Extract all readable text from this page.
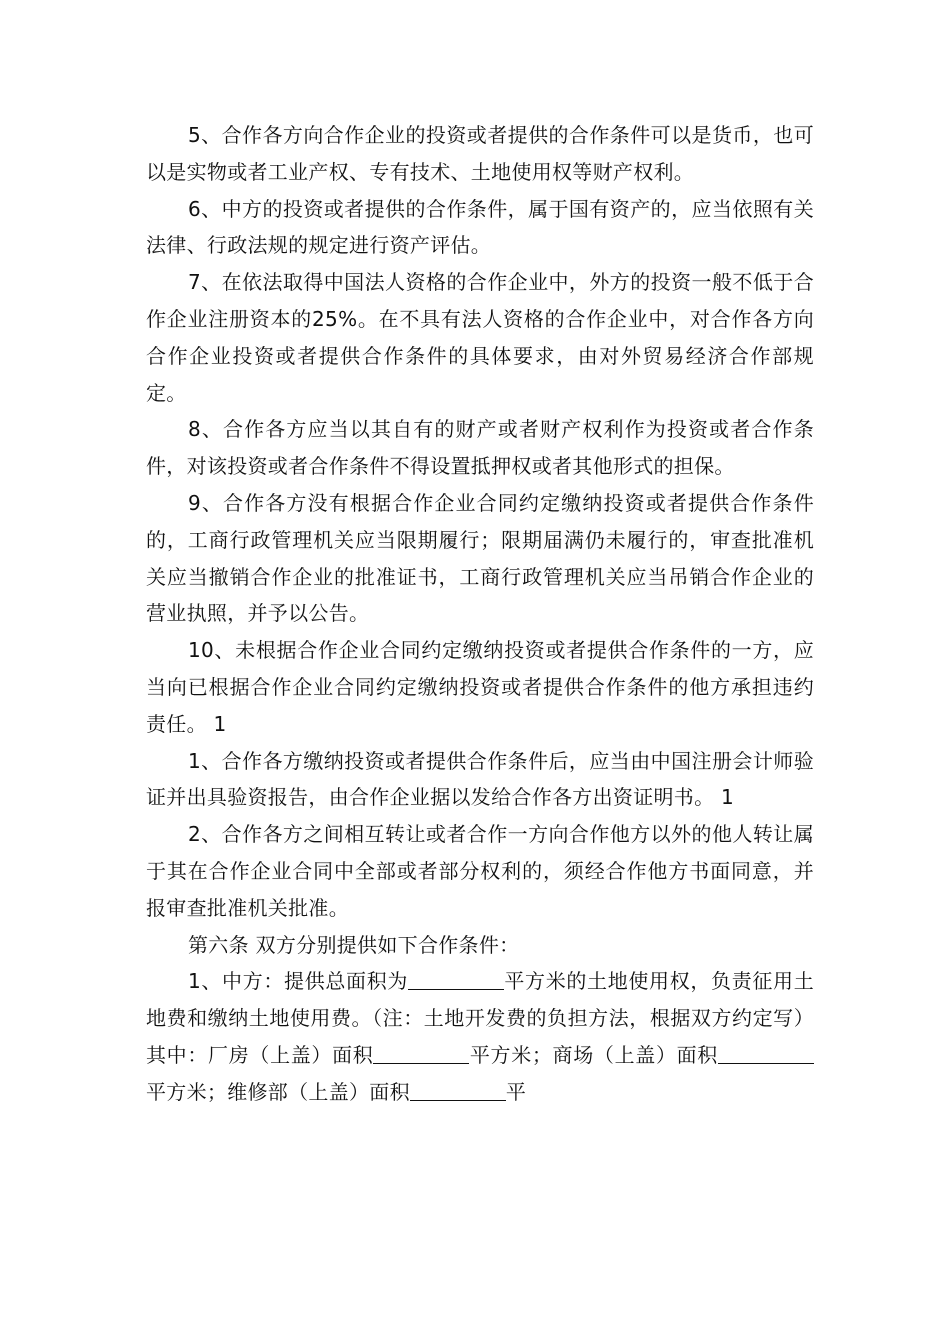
5、合作各方向合作企业的投资或者提供的合作条件可以是货币，也可以是实物或者工业产权、专有技术、土地使用权等财产权利。

6、中方的投资或者提供的合作条件，属于国有资产的，应当依照有关法律、行政法规的规定进行资产评估。

7、在依法取得中国法人资格的合作企业中，外方的投资一般不低于合作企业注册资本的25%。在不具有法人资格的合作企业中，对合作各方向合作企业投资或者提供合作条件的具体要求，由对外贸易经济合作部规定。

8、合作各方应当以其自有的财产或者财产权利作为投资或者合作条件，对该投资或者合作条件不得设置抵押权或者其他形式的担保。

9、合作各方没有根据合作企业合同约定缴纳投资或者提供合作条件的，工商行政管理机关应当限期履行；限期届满仍未履行的，审查批准机关应当撤销合作企业的批准证书，工商行政管理机关应当吊销合作企业的营业执照，并予以公告。

10、未根据合作企业合同约定缴纳投资或者提供合作条件的一方，应当向已根据合作企业合同约定缴纳投资或者提供合作条件的他方承担违约责任。 1

1、合作各方缴纳投资或者提供合作条件后，应当由中国注册会计师验证并出具验资报告，由合作企业据以发给合作各方出资证明书。 1

2、合作各方之间相互转让或者合作一方向合作他方以外的他人转让属于其在合作企业合同中全部或者部分权利的，须经合作他方书面同意，并报审查批准机关批准。

第六条 双方分别提供如下合作条件：

1、中方：提供总面积为	平方米的土地使用权，负责征用土地费和缴纳土地使用费。（注：土地开发费的负担方法，根据双方约定写）其中：厂房（上盖）面积	平方米；商场（上盖）面积平方米；维修部（上盖）面积	平
